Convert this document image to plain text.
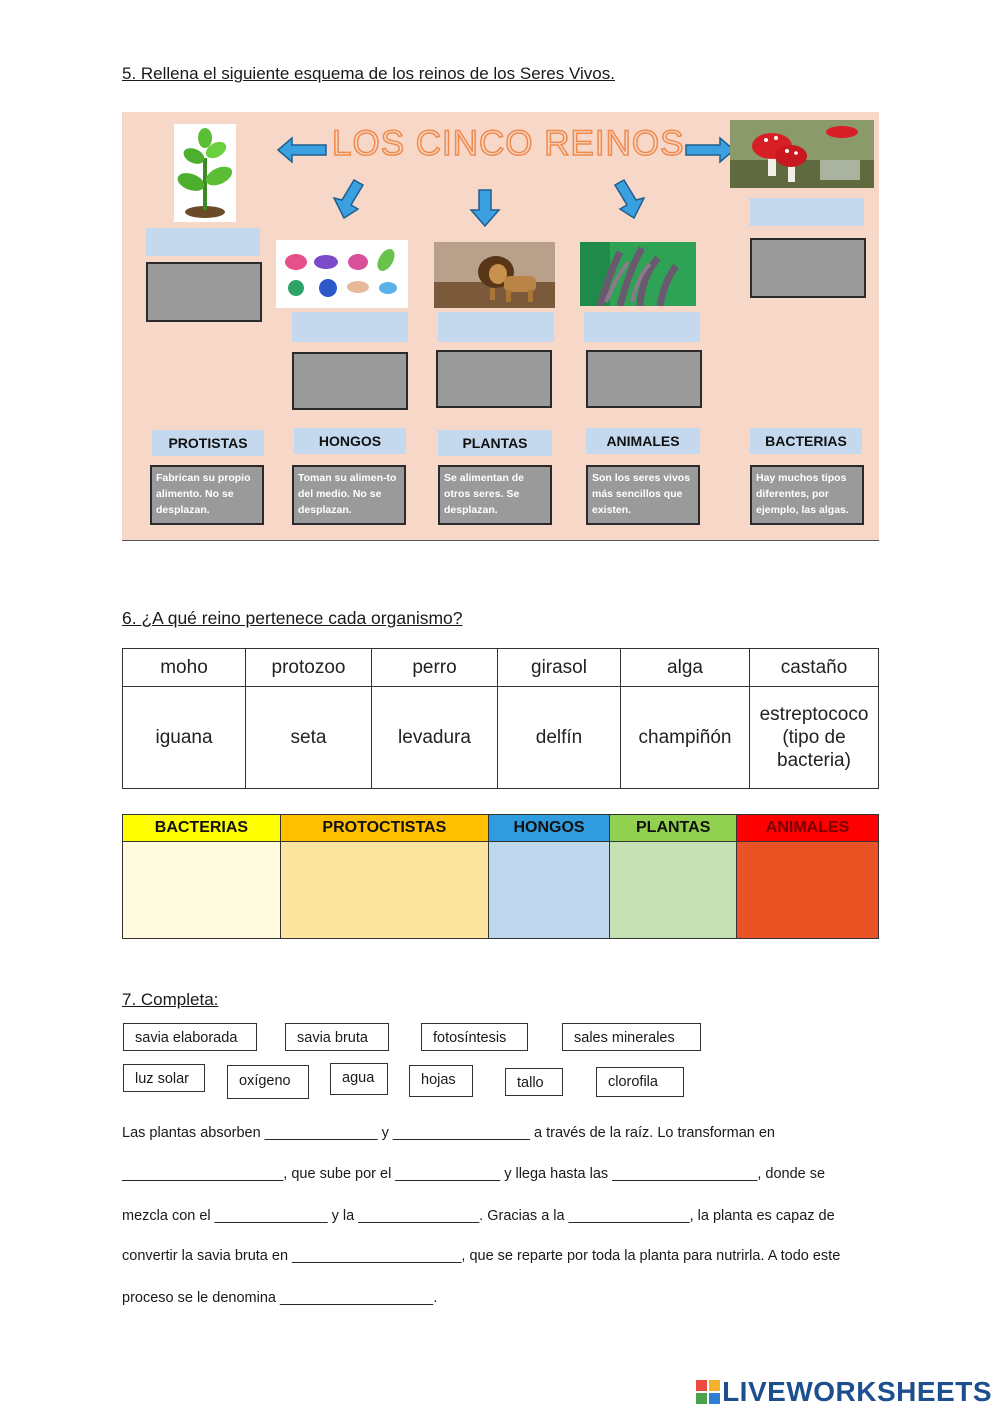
5. Rellena el siguiente esquema de los reinos de los Seres Vivos.
LOS CINCO REINOS
PROTISTAS	HONGOS	PLANTAS	ANIMALES	BACTERIAS
Fabrican su propio alimento. No se desplazan.
Toman su alimen-to del medio. No se desplazan.
Se alimentan de otros seres. Se desplazan.
Son los seres vivos más sencillos que existen.
Hay muchos tipos diferentes, por ejemplo, las algas.
6. ¿A qué reino pertenece cada organismo?
moho	protozoo	perro	girasol	alga	castaño
iguana	seta	levadura	delfín	champiñón	estreptococo (tipo de bacteria)
BACTERIAS	PROTOCTISTAS	HONGOS	PLANTAS	ANIMALES

7. Completa:
savia elaborada	savia bruta	fotosíntesis	sales minerales
luz solar	oxígeno	agua	hojas	tallo	clorofila
Las plantas absorben ______________ y _________________ a través de la raíz. Lo transforman en
____________________, que sube por el _____________ y llega hasta las __________________, donde se
mezcla con el ______________ y la _______________. Gracias a la _______________, la planta es capaz de
convertir la savia bruta en _____________________, que se reparte por toda la planta para nutrirla. A todo este
proceso se le denomina ___________________.
LIVEWORKSHEETS
